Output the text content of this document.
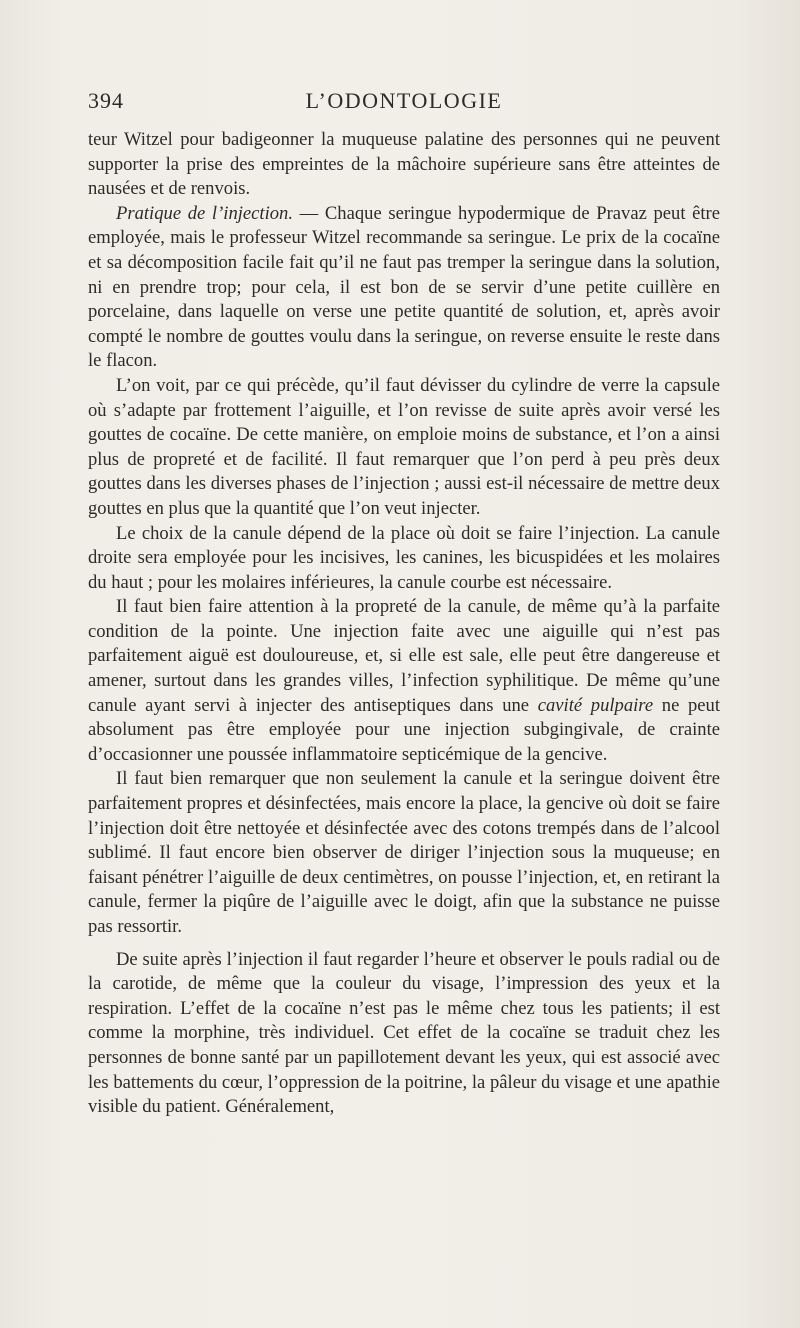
394	L’ODONTOLOGIE

teur Witzel pour badigeonner la muqueuse palatine des personnes qui ne peuvent supporter la prise des empreintes de la mâchoire supérieure sans être atteintes de nausées et de renvois.

Pratique de l’injection. — Chaque seringue hypodermique de Pravaz peut être employée, mais le professeur Witzel recommande sa seringue. Le prix de la cocaïne et sa décomposition facile fait qu’il ne faut pas tremper la seringue dans la solution, ni en prendre trop; pour cela, il est bon de se servir d’une petite cuillère en porcelaine, dans laquelle on verse une petite quantité de solution, et, après avoir compté le nombre de gouttes voulu dans la seringue, on reverse ensuite le reste dans le flacon.

L’on voit, par ce qui précède, qu’il faut dévisser du cylindre de verre la capsule où s’adapte par frottement l’aiguille, et l’on revisse de suite après avoir versé les gouttes de cocaïne. De cette manière, on emploie moins de substance, et l’on a ainsi plus de propreté et de facilité. Il faut remarquer que l’on perd à peu près deux gouttes dans les diverses phases de l’injection ; aussi est-il nécessaire de mettre deux gouttes en plus que la quantité que l’on veut injecter.

Le choix de la canule dépend de la place où doit se faire l’injection. La canule droite sera employée pour les incisives, les canines, les bicuspidées et les molaires du haut ; pour les molaires inférieures, la canule courbe est nécessaire.

Il faut bien faire attention à la propreté de la canule, de même qu’à la parfaite condition de la pointe. Une injection faite avec une aiguille qui n’est pas parfaitement aiguë est douloureuse, et, si elle est sale, elle peut être dangereuse et amener, surtout dans les grandes villes, l’infection syphilitique. De même qu’une canule ayant servi à injecter des antiseptiques dans une cavité pulpaire ne peut absolument pas être employée pour une injection subgingivale, de crainte d’occasionner une poussée inflammatoire septicémique de la gencive.

Il faut bien remarquer que non seulement la canule et la seringue doivent être parfaitement propres et désinfectées, mais encore la place, la gencive où doit se faire l’injection doit être nettoyée et désinfectée avec des cotons trempés dans de l’alcool sublimé. Il faut encore bien observer de diriger l’injection sous la muqueuse; en faisant pénétrer l’aiguille de deux centimètres, on pousse l’injection, et, en retirant la canule, fermer la piqûre de l’aiguille avec le doigt, afin que la substance ne puisse pas ressortir.

De suite après l’injection il faut regarder l’heure et observer le pouls radial ou de la carotide, de même que la couleur du visage, l’impression des yeux et la respiration. L’effet de la cocaïne n’est pas le même chez tous les patients; il est comme la morphine, très individuel. Cet effet de la cocaïne se traduit chez les personnes de bonne santé par un papillotement devant les yeux, qui est associé avec les battements du cœur, l’oppression de la poitrine, la pâleur du visage et une apathie visible du patient. Généralement,
